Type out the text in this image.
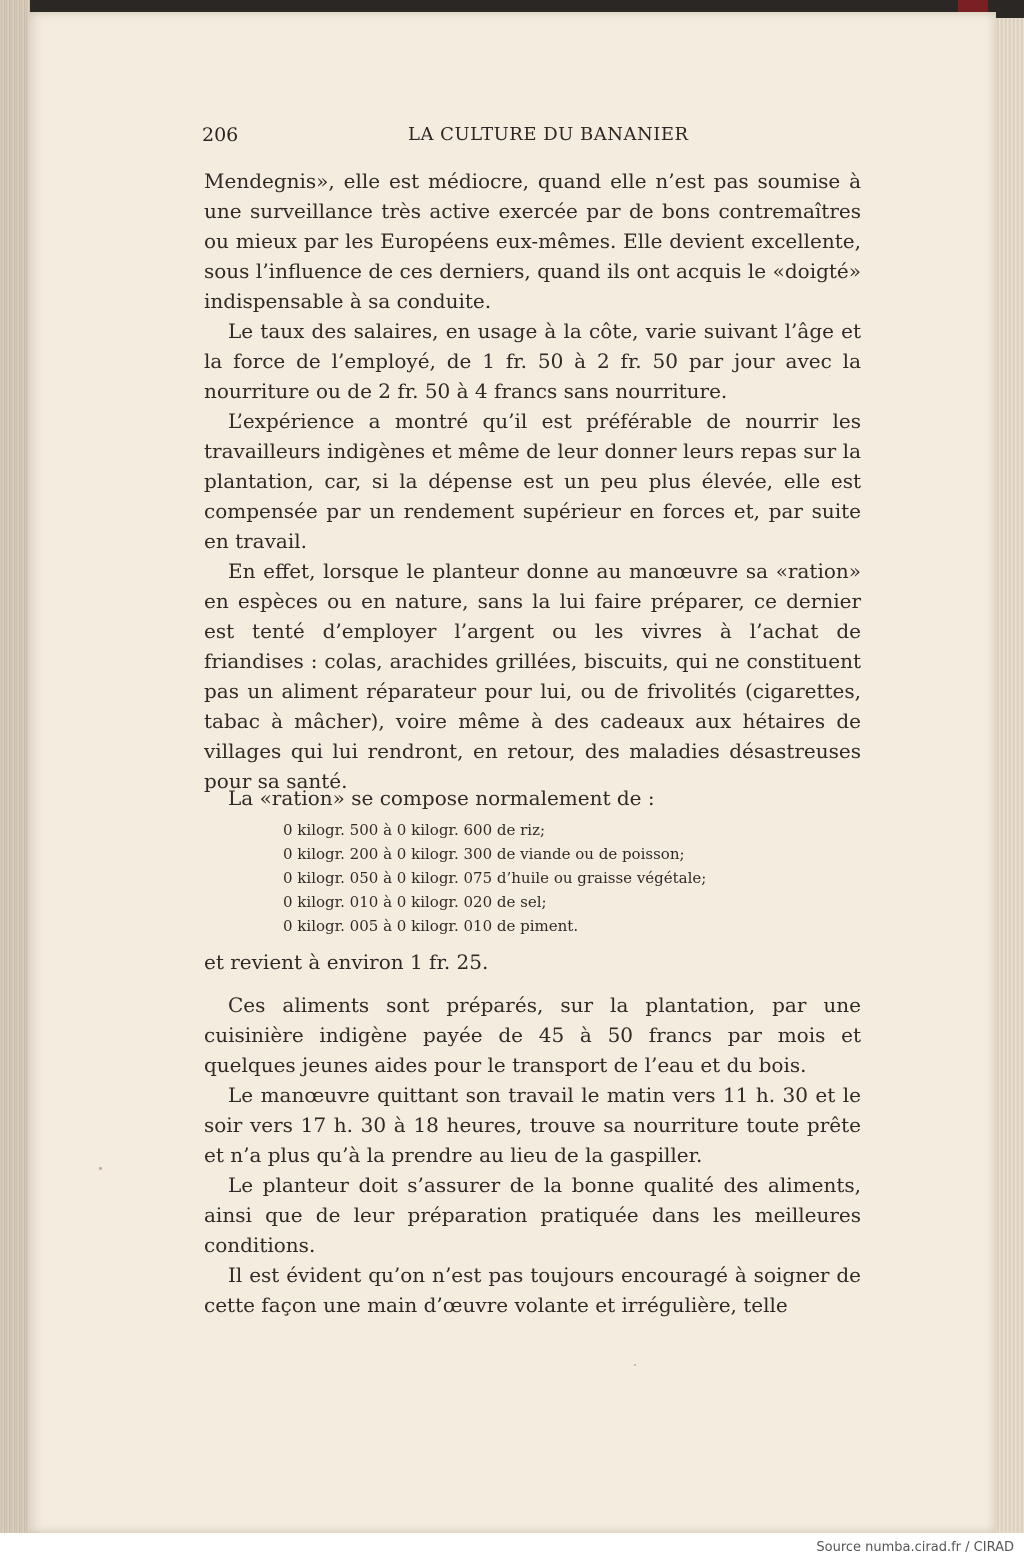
206	LA CULTURE DU BANANIER

Mendegnis», elle est médiocre, quand elle n’est pas soumise à une surveillance très active exercée par de bons contremaîtres ou mieux par les Européens eux-mêmes. Elle devient excellente, sous l’influence de ces derniers, quand ils ont acquis le «doigté» indispensable à sa conduite.

Le taux des salaires, en usage à la côte, varie suivant l’âge et la force de l’employé, de 1 fr. 50 à 2 fr. 50 par jour avec la nourriture ou de 2 fr. 50 à 4 francs sans nourriture.

L’expérience a montré qu’il est préférable de nourrir les travailleurs indigènes et même de leur donner leurs repas sur la plantation, car, si la dépense est un peu plus élevée, elle est compensée par un rendement supérieur en forces et, par suite en travail.

En effet, lorsque le planteur donne au manœuvre sa «ration» en espèces ou en nature, sans la lui faire préparer, ce dernier est tenté d’employer l’argent ou les vivres à l’achat de friandises : colas, arachides grillées, biscuits, qui ne constituent pas un aliment réparateur pour lui, ou de frivolités (cigarettes, tabac à mâcher), voire même à des cadeaux aux hétaires de villages qui lui rendront, en retour, des maladies désastreuses pour sa santé.

La «ration» se compose normalement de :

0 kilogr. 500 à 0 kilogr. 600 de riz;
0 kilogr. 200 à 0 kilogr. 300 de viande ou de poisson;
0 kilogr. 050 à 0 kilogr. 075 d’huile ou graisse végétale;
0 kilogr. 010 à 0 kilogr. 020 de sel;
0 kilogr. 005 à 0 kilogr. 010 de piment.

et revient à environ 1 fr. 25.

Ces aliments sont préparés, sur la plantation, par une cuisinière indigène payée de 45 à 50 francs par mois et quelques jeunes aides pour le transport de l’eau et du bois.

Le manœuvre quittant son travail le matin vers 11 h. 30 et le soir vers 17 h. 30 à 18 heures, trouve sa nourriture toute prête et n’a plus qu’à la prendre au lieu de la gaspiller.

Le planteur doit s’assurer de la bonne qualité des aliments, ainsi que de leur préparation pratiquée dans les meilleures conditions.

Il est évident qu’on n’est pas toujours encouragé à soigner de cette façon une main d’œuvre volante et irrégulière, telle

Source numba.cirad.fr / CIRAD
